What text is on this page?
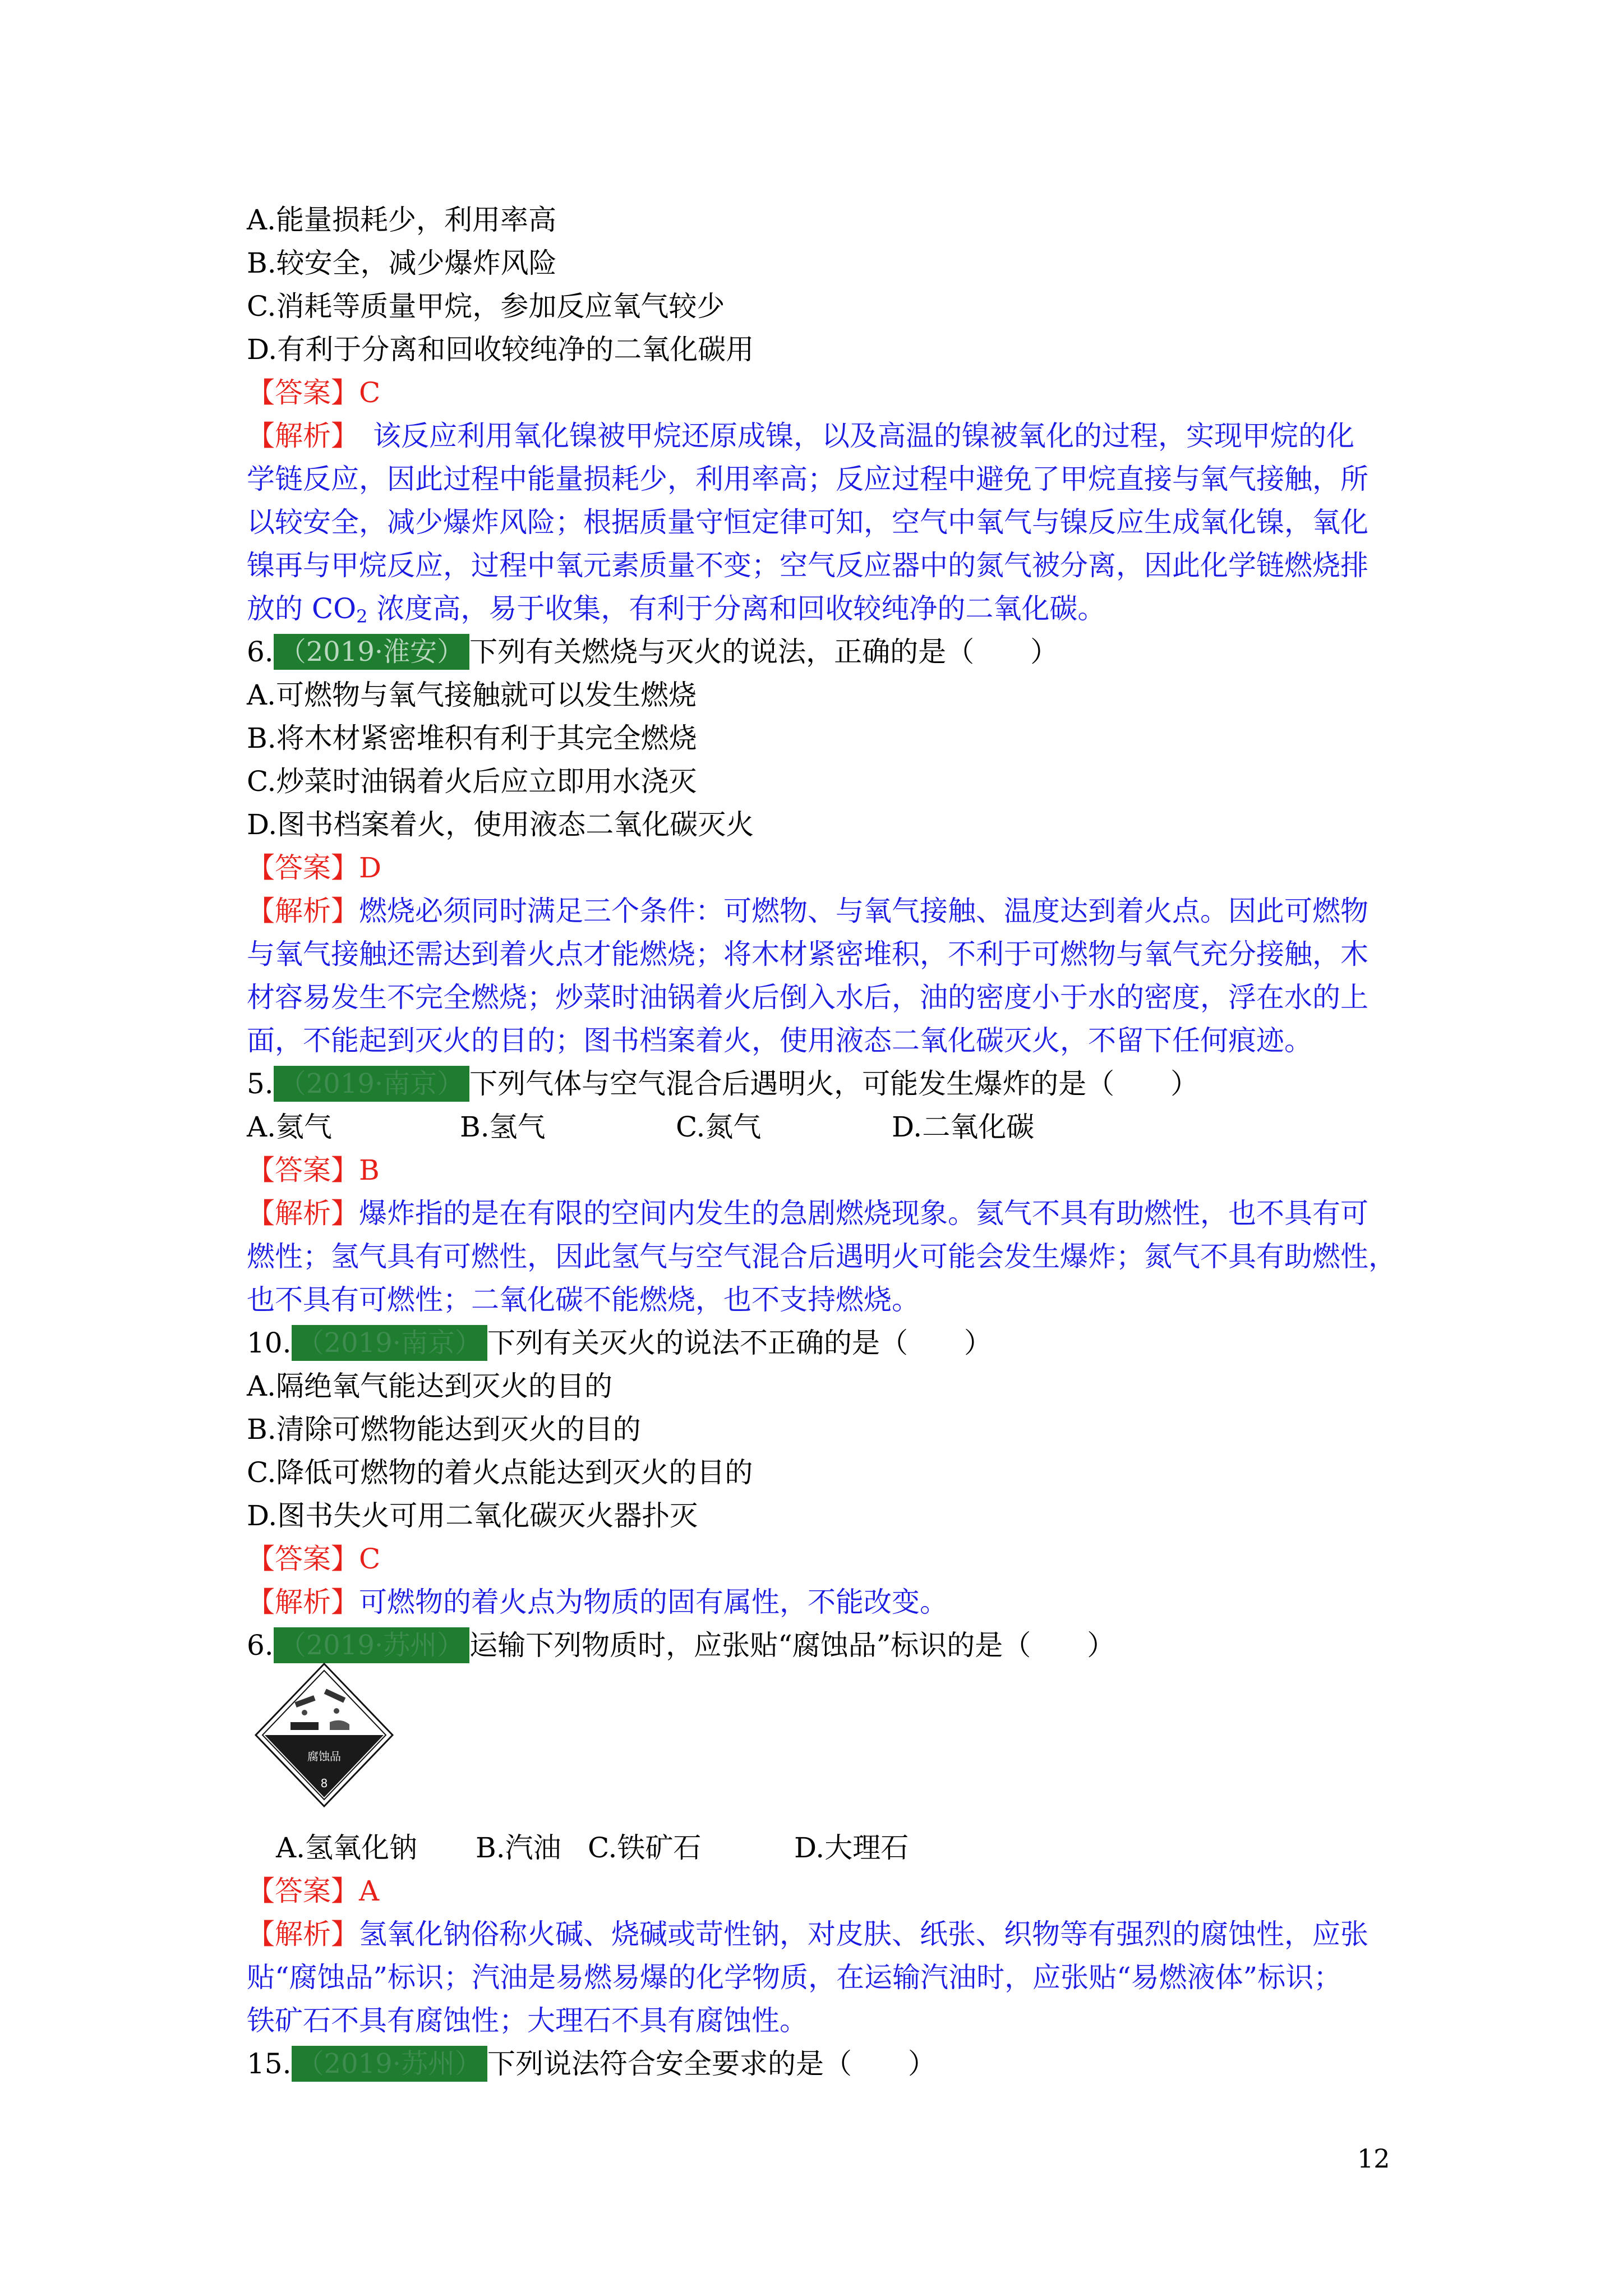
A.能量损耗少，利用率高
B.较安全，减少爆炸风险
C.消耗等质量甲烷，参加反应氧气较少
D.有利于分离和回收较纯净的二氧化碳用
【答案】C
【解析】　该反应利用氧化镍被甲烷还原成镍，以及高温的镍被氧化的过程，实现甲烷的化
学链反应，因此过程中能量损耗少，利用率高；反应过程中避免了甲烷直接与氧气接触，所
以较安全，减少爆炸风险；根据质量守恒定律可知，空气中氧气与镍反应生成氧化镍，氧化
镍再与甲烷反应，过程中氧元素质量不变；空气反应器中的氮气被分离，因此化学链燃烧排
放的 $CO_2$ 浓度高，易于收集，有利于分离和回收较纯净的二氧化碳。
6. （2019·淮安） 下列有关燃烧与灭火的说法，正确的是（　　）
A.可燃物与氧气接触就可以发生燃烧
B.将木材紧密堆积有利于其完全燃烧
C.炒菜时油锅着火后应立即用水浇灭
D.图书档案着火，使用液态二氧化碳灭火
【答案】D
【解析】燃烧必须同时满足三个条件：可燃物、与氧气接触、温度达到着火点。因此可燃物
与氧气接触还需达到着火点才能燃烧；将木材紧密堆积，不利于可燃物与氧气充分接触，木
材容易发生不完全燃烧；炒菜时油锅着火后倒入水后，油的密度小于水的密度，浮在水的上
面，不能起到灭火的目的；图书档案着火，使用液态二氧化碳灭火，不留下任何痕迹。
5. （2019·南京） 下列气体与空气混合后遇明火，可能发生爆炸的是（　　）
A.氦气	B.氢气	C.氮气	D.二氧化碳
【答案】B
【解析】爆炸指的是在有限的空间内发生的急剧燃烧现象。氦气不具有助燃性，也不具有可
燃性；氢气具有可燃性，因此氢气与空气混合后遇明火可能会发生爆炸；氮气不具有助燃性，
也不具有可燃性；二氧化碳不能燃烧，也不支持燃烧。
10. （2019·南京） 下列有关灭火的说法不正确的是（　　）
A.隔绝氧气能达到灭火的目的
B.清除可燃物能达到灭火的目的
C.降低可燃物的着火点能达到灭火的目的
D.图书失火可用二氧化碳灭火器扑灭
【答案】C
【解析】可燃物的着火点为物质的固有属性，不能改变。
6. （2019·苏州） 运输下列物质时，应张贴“腐蚀品”标识的是（　　）
腐蚀品
8
A.氢氧化钠 B.汽油 C.铁矿石	D.大理石
【答案】A
【解析】氢氧化钠俗称火碱、烧碱或苛性钠，对皮肤、纸张、织物等有强烈的腐蚀性，应张
贴“腐蚀品”标识；汽油是易燃易爆的化学物质，在运输汽油时，应张贴“易燃液体”标识；
铁矿石不具有腐蚀性；大理石不具有腐蚀性。
15. （2019·苏州） 下列说法符合安全要求的是（　　）
12
